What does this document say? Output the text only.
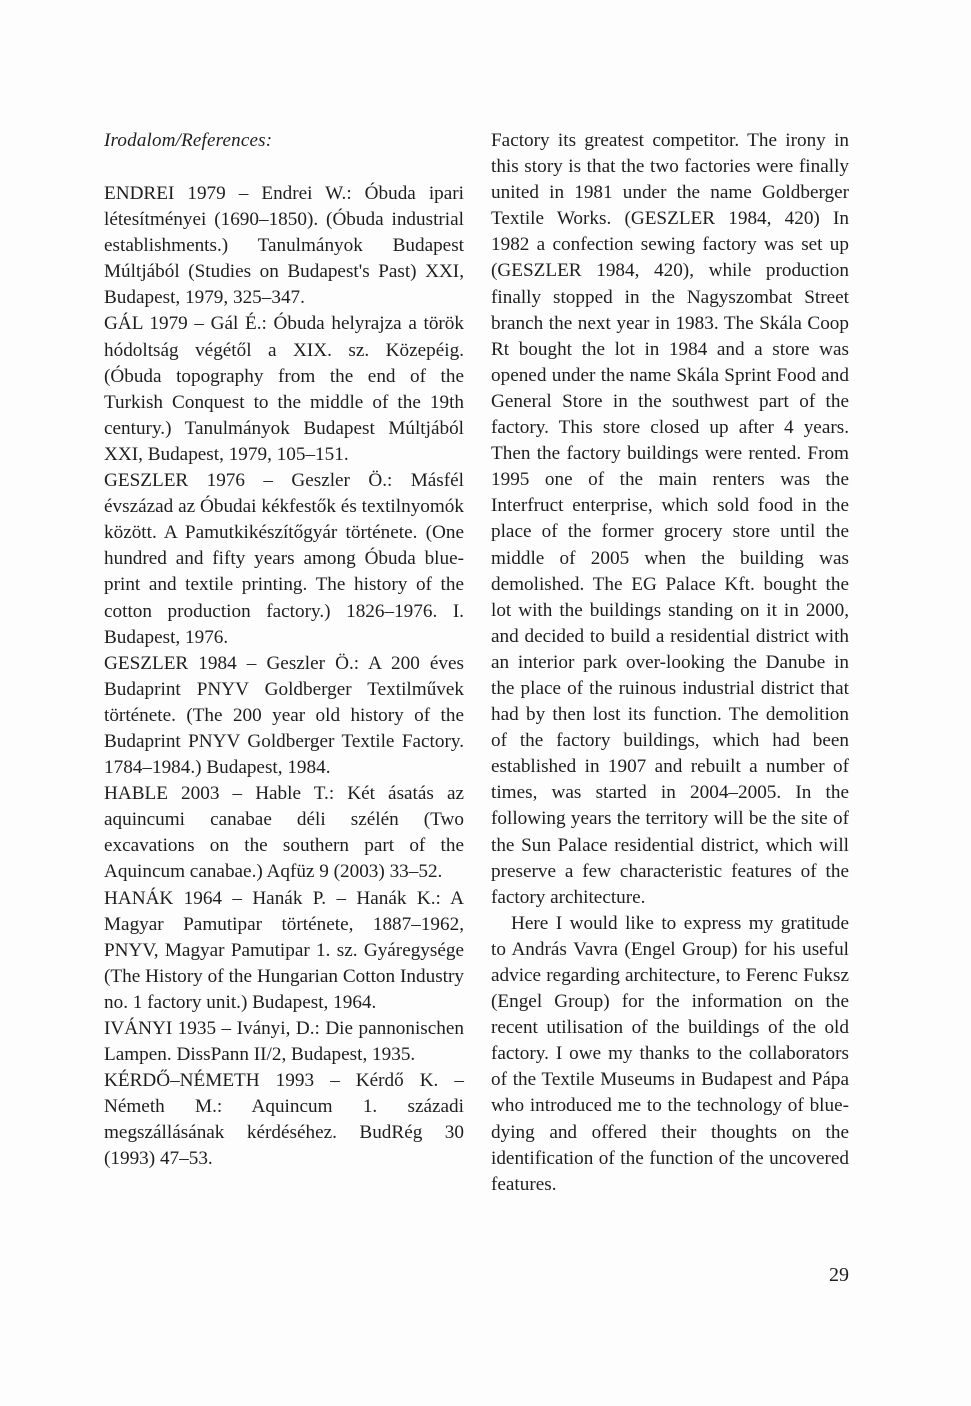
Irodalom/References:

ENDREI 1979 – Endrei W.: Óbuda ipari létesítményei (1690–1850). (Óbuda industrial establishments.) Tanulmányok Budapest Múltjából (Studies on Budapest's Past) XXI, Budapest, 1979, 325–347.

GÁL 1979 – Gál É.: Óbuda helyrajza a török hódoltság végétől a XIX. sz. Közepéig. (Óbuda topography from the end of the Turkish Conquest to the middle of the 19th century.) Tanulmányok Budapest Múltjából XXI, Budapest, 1979, 105–151.

GESZLER 1976 – Geszler Ö.: Másfél évszázad az Óbudai kékfestők és textilnyomók között. A Pamutkikészítőgyár története. (One hundred and fifty years among Óbuda blue-print and textile printing. The history of the cotton production factory.) 1826–1976. I. Budapest, 1976.

GESZLER 1984 – Geszler Ö.: A 200 éves Budaprint PNYV Goldberger Textilművek története. (The 200 year old history of the Budaprint PNYV Goldberger Textile Factory. 1784–1984.) Budapest, 1984.

HABLE 2003 – Hable T.: Két ásatás az aquincumi canabae déli szélén (Two excavations on the southern part of the Aquincum canabae.) Aqfüz 9 (2003) 33–52.

HANÁK 1964 – Hanák P. – Hanák K.: A Magyar Pamutipar története, 1887–1962, PNYV, Magyar Pamutipar 1. sz. Gyáregysége (The History of the Hungarian Cotton Industry no. 1 factory unit.) Budapest, 1964.

IVÁNYI 1935 – Iványi, D.: Die pannonischen Lampen. DissPann II/2, Budapest, 1935.

KÉRDŐ–NÉMETH 1993 – Kérdő K. – Németh M.: Aquincum 1. századi megszállásának kérdéséhez. BudRég 30 (1993) 47–53.

Factory its greatest competitor. The irony in this story is that the two factories were finally united in 1981 under the name Goldberger Textile Works. (GESZLER 1984, 420) In 1982 a confection sewing factory was set up (GESZLER 1984, 420), while production finally stopped in the Nagyszombat Street branch the next year in 1983. The Skála Coop Rt bought the lot in 1984 and a store was opened under the name Skála Sprint Food and General Store in the southwest part of the factory. This store closed up after 4 years. Then the factory buildings were rented. From 1995 one of the main renters was the Interfruct enterprise, which sold food in the place of the former grocery store until the middle of 2005 when the building was demolished. The EG Palace Kft. bought the lot with the buildings standing on it in 2000, and decided to build a residential district with an interior park over-looking the Danube in the place of the ruinous industrial district that had by then lost its function. The demolition of the factory buildings, which had been established in 1907 and rebuilt a number of times, was started in 2004–2005. In the following years the territory will be the site of the Sun Palace residential district, which will preserve a few characteristic features of the factory architecture.

Here I would like to express my gratitude to András Vavra (Engel Group) for his useful advice regarding architecture, to Ferenc Fuksz (Engel Group) for the information on the recent utilisation of the buildings of the old factory. I owe my thanks to the collaborators of the Textile Museums in Budapest and Pápa who introduced me to the technology of blue-dying and offered their thoughts on the identification of the function of the uncovered features.

29
